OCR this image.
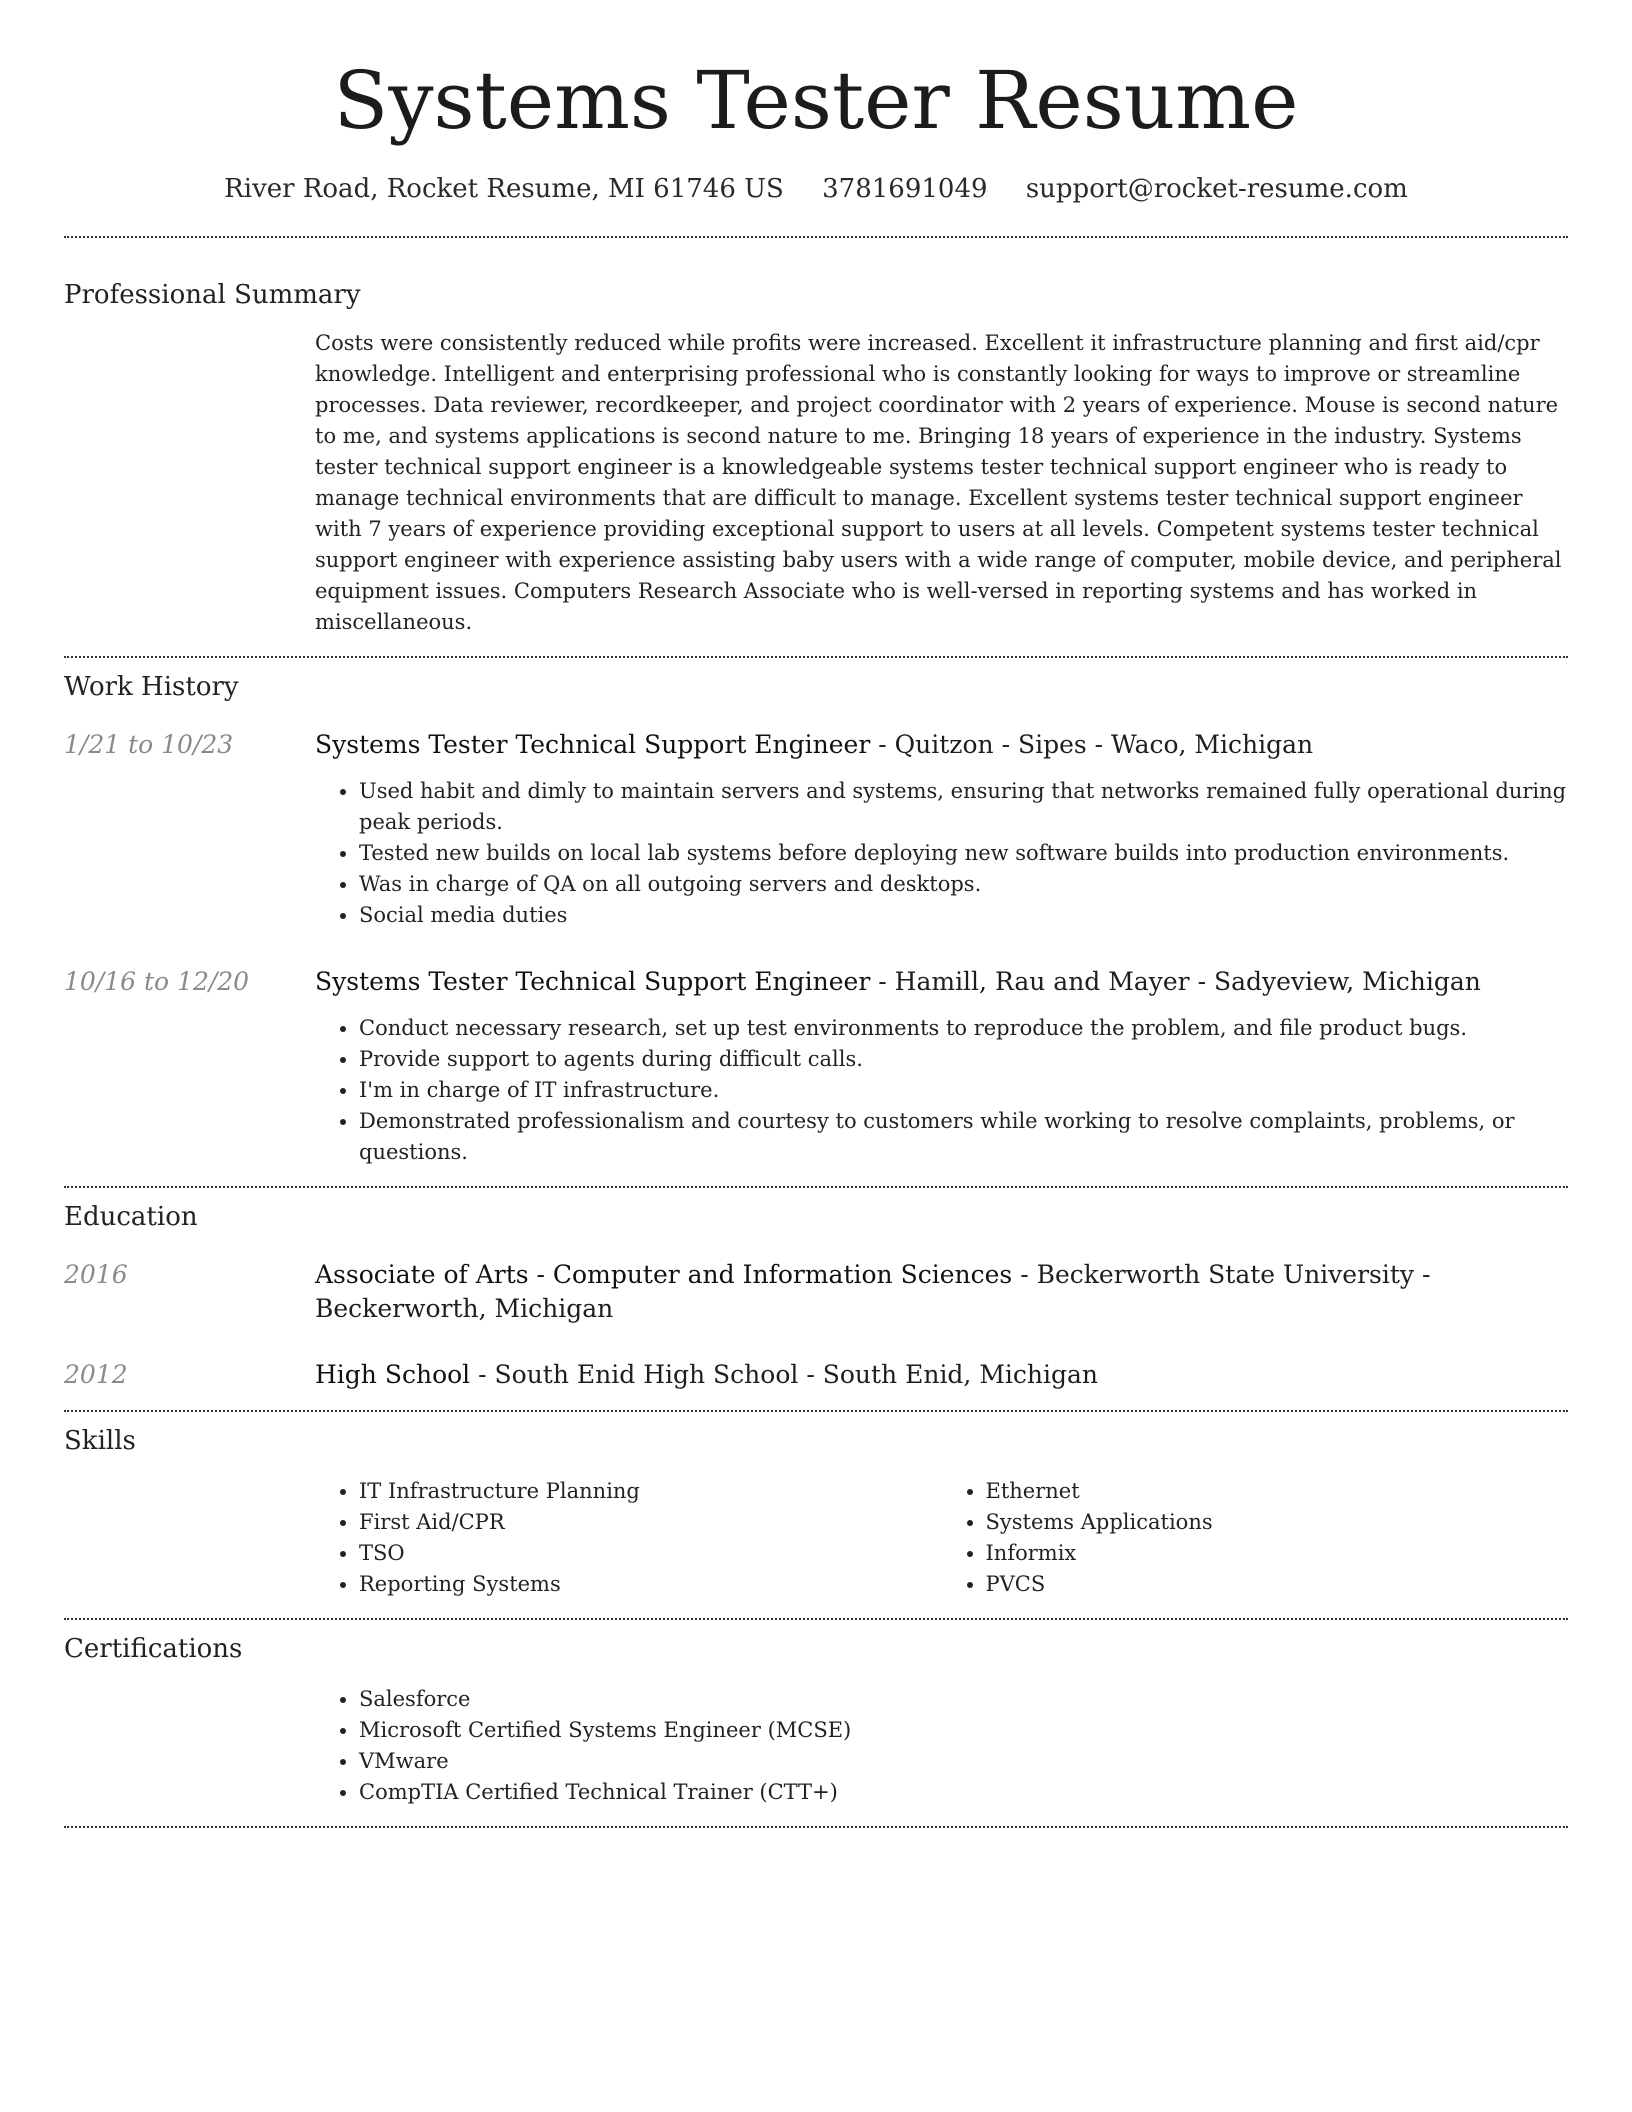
Systems Tester Resume
River Road, Rocket Resume, MI 61746 US 3781691049 support@rocket-resume.com
Professional Summary

Costs were consistently reduced while profits were increased. Excellent it infrastructure planning and first aid/cpr knowledge. Intelligent and enterprising professional who is constantly looking for ways to improve or streamline processes. Data reviewer, recordkeeper, and project coordinator with 2 years of experience. Mouse is second nature to me, and systems applications is second nature to me. Bringing 18 years of experience in the industry. Systems tester technical support engineer is a knowledgeable systems tester technical support engineer who is ready to manage technical environments that are difficult to manage. Excellent systems tester technical support engineer with 7 years of experience providing exceptional support to users at all levels. Competent systems tester technical support engineer with experience assisting baby users with a wide range of computer, mobile device, and peripheral equipment issues. Computers Research Associate who is well-versed in reporting systems and has worked in miscellaneous.

Work History
1/21 to 10/23	Systems Tester Technical Support Engineer - Quitzon - Sipes - Waco, Michigan
• Used habit and dimly to maintain servers and systems, ensuring that networks remained fully operational during peak periods.
• Tested new builds on local lab systems before deploying new software builds into production environments.
• Was in charge of QA on all outgoing servers and desktops.
• Social media duties
10/16 to 12/20	Systems Tester Technical Support Engineer - Hamill, Rau and Mayer - Sadyeview, Michigan
• Conduct necessary research, set up test environments to reproduce the problem, and file product bugs.
• Provide support to agents during difficult calls.
• I'm in charge of IT infrastructure.
• Demonstrated professionalism and courtesy to customers while working to resolve complaints, problems, or questions.
Education
2016	Associate of Arts - Computer and Information Sciences - Beckerworth State University - Beckerworth, Michigan
2012	High School - South Enid High School - South Enid, Michigan
Skills
• IT Infrastructure Planning
• First Aid/CPR
• TSO
• Reporting Systems
• Ethernet
• Systems Applications
• Informix
• PVCS
Certifications
• Salesforce
• Microsoft Certified Systems Engineer (MCSE)
• VMware
• CompTIA Certified Technical Trainer (CTT+)
